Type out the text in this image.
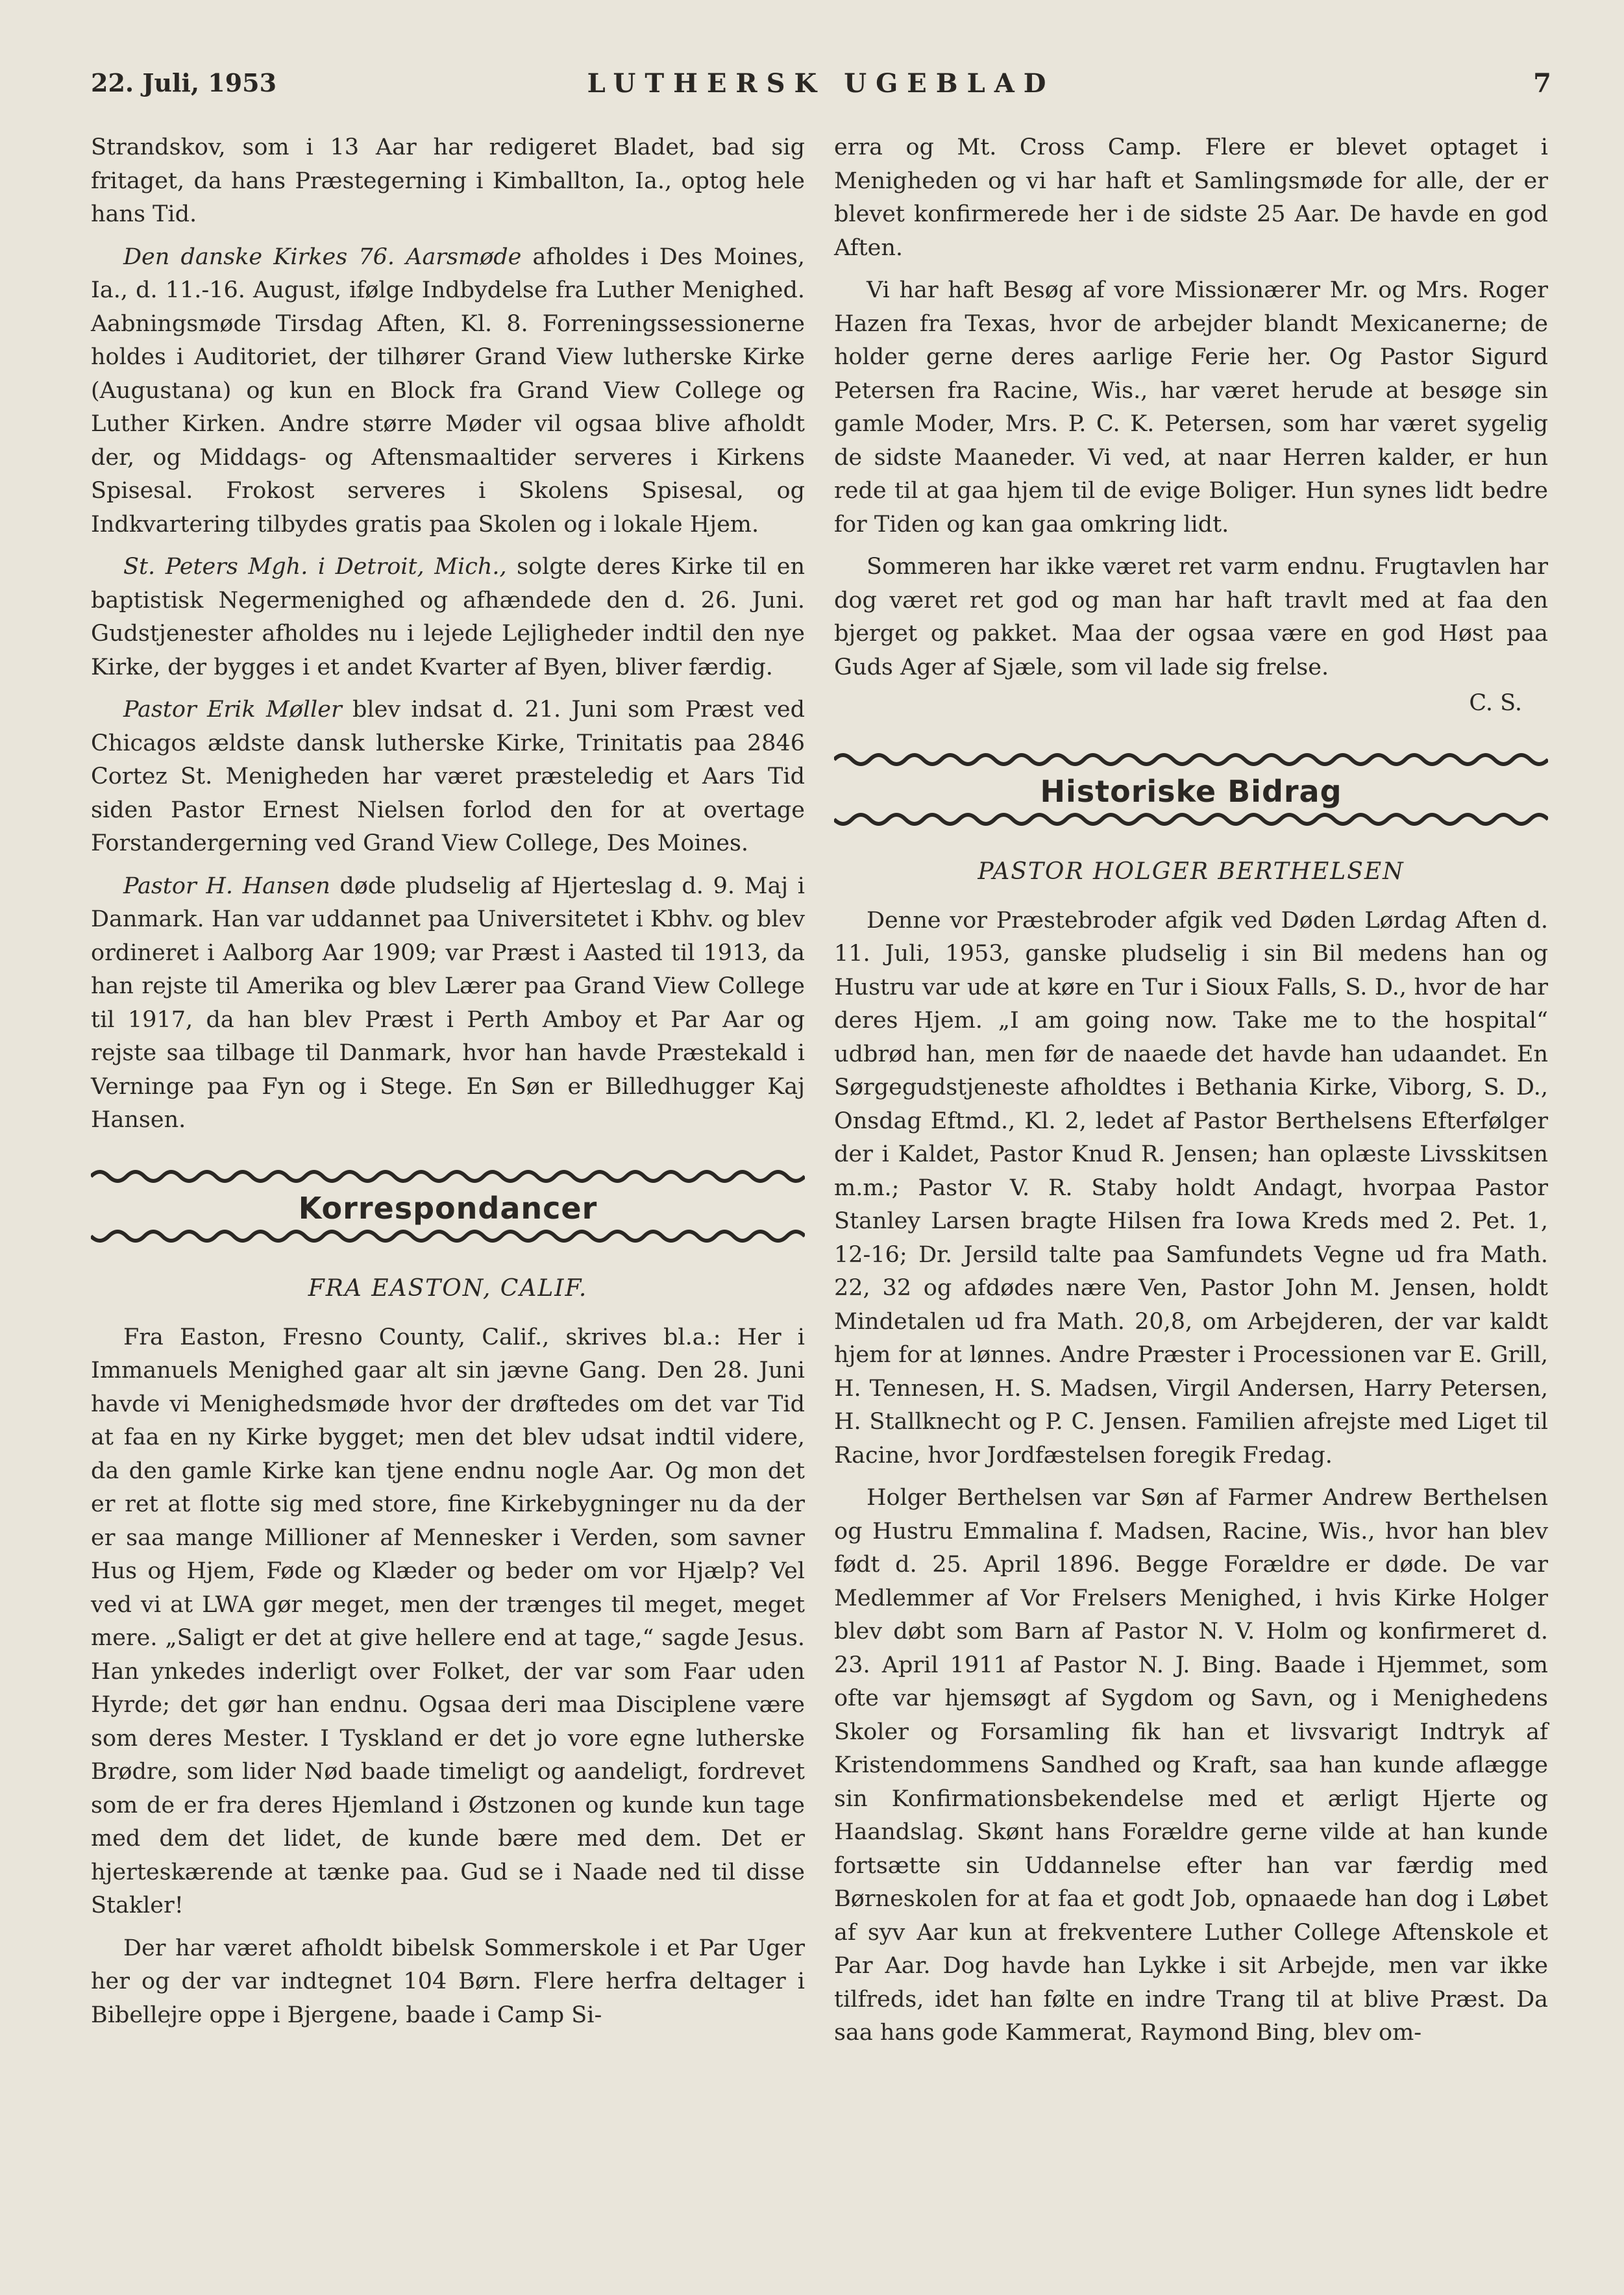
22. Juli, 1953	LUTHERSK UGEBLAD	7

Strandskov, som i 13 Aar har redigeret Bladet, bad sig fritaget, da hans Præstegerning i Kimballton, Ia., optog hele hans Tid.

Den danske Kirkes 76. Aarsmøde afholdes i Des Moines, Ia., d. 11.-16. August, ifølge Indbydelse fra Luther Menighed. Aabningsmøde Tirsdag Aften, Kl. 8. Forreningssessionerne holdes i Auditoriet, der tilhører Grand View lutherske Kirke (Augustana) og kun en Block fra Grand View College og Luther Kirken. Andre større Møder vil ogsaa blive afholdt der, og Middags- og Aftensmaaltider serveres i Kirkens Spisesal. Frokost serveres i Skolens Spisesal, og Indkvartering tilbydes gratis paa Skolen og i lokale Hjem.

St. Peters Mgh. i Detroit, Mich., solgte deres Kirke til en baptistisk Negermenighed og afhændede den d. 26. Juni. Gudstjenester afholdes nu i lejede Lejligheder indtil den nye Kirke, der bygges i et andet Kvarter af Byen, bliver færdig.

Pastor Erik Møller blev indsat d. 21. Juni som Præst ved Chicagos ældste dansk lutherske Kirke, Trinitatis paa 2846 Cortez St. Menigheden har været præsteledig et Aars Tid siden Pastor Ernest Nielsen forlod den for at overtage Forstandergerning ved Grand View College, Des Moines.

Pastor H. Hansen døde pludselig af Hjerteslag d. 9. Maj i Danmark. Han var uddannet paa Universitetet i Kbhv. og blev ordineret i Aalborg Aar 1909; var Præst i Aasted til 1913, da han rejste til Amerika og blev Lærer paa Grand View College til 1917, da han blev Præst i Perth Amboy et Par Aar og rejste saa tilbage til Danmark, hvor han havde Præstekald i Verninge paa Fyn og i Stege. En Søn er Billedhugger Kaj Hansen.

Korrespondancer
FRA EASTON, CALIF.

Fra Easton, Fresno County, Calif., skrives bl.a.: Her i Immanuels Menighed gaar alt sin jævne Gang. Den 28. Juni havde vi Menighedsmøde hvor der drøftedes om det var Tid at faa en ny Kirke bygget; men det blev udsat indtil videre, da den gamle Kirke kan tjene endnu nogle Aar. Og mon det er ret at flotte sig med store, fine Kirkebygninger nu da der er saa mange Millioner af Mennesker i Verden, som savner Hus og Hjem, Føde og Klæder og beder om vor Hjælp? Vel ved vi at LWA gør meget, men der trænges til meget, meget mere. „Saligt er det at give hellere end at tage,“ sagde Jesus. Han ynkedes inderligt over Folket, der var som Faar uden Hyrde; det gør han endnu. Ogsaa deri maa Disciplene være som deres Mester. I Tyskland er det jo vore egne lutherske Brødre, som lider Nød baade timeligt og aandeligt, fordrevet som de er fra deres Hjemland i Østzonen og kunde kun tage med dem det lidet, de kunde bære med dem. Det er hjerteskærende at tænke paa. Gud se i Naade ned til disse Stakler!

Der har været afholdt bibelsk Sommerskole i et Par Uger her og der var indtegnet 104 Børn. Flere herfra deltager i Bibellejre oppe i Bjergene, baade i Camp Si-

erra og Mt. Cross Camp. Flere er blevet optaget i Menigheden og vi har haft et Samlingsmøde for alle, der er blevet konfirmerede her i de sidste 25 Aar. De havde en god Aften.

Vi har haft Besøg af vore Missionærer Mr. og Mrs. Roger Hazen fra Texas, hvor de arbejder blandt Mexicanerne; de holder gerne deres aarlige Ferie her. Og Pastor Sigurd Petersen fra Racine, Wis., har været herude at besøge sin gamle Moder, Mrs. P. C. K. Petersen, som har været sygelig de sidste Maaneder. Vi ved, at naar Herren kalder, er hun rede til at gaa hjem til de evige Boliger. Hun synes lidt bedre for Tiden og kan gaa omkring lidt.

Sommeren har ikke været ret varm endnu. Frugtavlen har dog været ret god og man har haft travlt med at faa den bjerget og pakket. Maa der ogsaa være en god Høst paa Guds Ager af Sjæle, som vil lade sig frelse.

C. S.
Historiske Bidrag
PASTOR HOLGER BERTHELSEN

Denne vor Præstebroder afgik ved Døden Lørdag Aften d. 11. Juli, 1953, ganske pludselig i sin Bil medens han og Hustru var ude at køre en Tur i Sioux Falls, S. D., hvor de har deres Hjem. „I am going now. Take me to the hospital“ udbrød han, men før de naaede det havde han udaandet. En Sørgegudstjeneste afholdtes i Bethania Kirke, Viborg, S. D., Onsdag Eftmd., Kl. 2, ledet af Pastor Berthelsens Efterfølger der i Kaldet, Pastor Knud R. Jensen; han oplæste Livsskitsen m.m.; Pastor V. R. Staby holdt Andagt, hvorpaa Pastor Stanley Larsen bragte Hilsen fra Iowa Kreds med 2. Pet. 1, 12-16; Dr. Jersild talte paa Samfundets Vegne ud fra Math. 22, 32 og afdødes nære Ven, Pastor John M. Jensen, holdt Mindetalen ud fra Math. 20,8, om Arbejderen, der var kaldt hjem for at lønnes. Andre Præster i Processionen var E. Grill, H. Tennesen, H. S. Madsen, Virgil Andersen, Harry Petersen, H. Stallknecht og P. C. Jensen. Familien afrejste med Liget til Racine, hvor Jordfæstelsen foregik Fredag.

Holger Berthelsen var Søn af Farmer Andrew Berthelsen og Hustru Emmalina f. Madsen, Racine, Wis., hvor han blev født d. 25. April 1896. Begge Forældre er døde. De var Medlemmer af Vor Frelsers Menighed, i hvis Kirke Holger blev døbt som Barn af Pastor N. V. Holm og konfirmeret d. 23. April 1911 af Pastor N. J. Bing. Baade i Hjemmet, som ofte var hjemsøgt af Sygdom og Savn, og i Menighedens Skoler og Forsamling fik han et livsvarigt Indtryk af Kristendommens Sandhed og Kraft, saa han kunde aflægge sin Konfirmationsbekendelse med et ærligt Hjerte og Haandslag. Skønt hans Forældre gerne vilde at han kunde fortsætte sin Uddannelse efter han var færdig med Børneskolen for at faa et godt Job, opnaaede han dog i Løbet af syv Aar kun at frekventere Luther College Aftenskole et Par Aar. Dog havde han Lykke i sit Arbejde, men var ikke tilfreds, idet han følte en indre Trang til at blive Præst. Da saa hans gode Kammerat, Raymond Bing, blev om-
